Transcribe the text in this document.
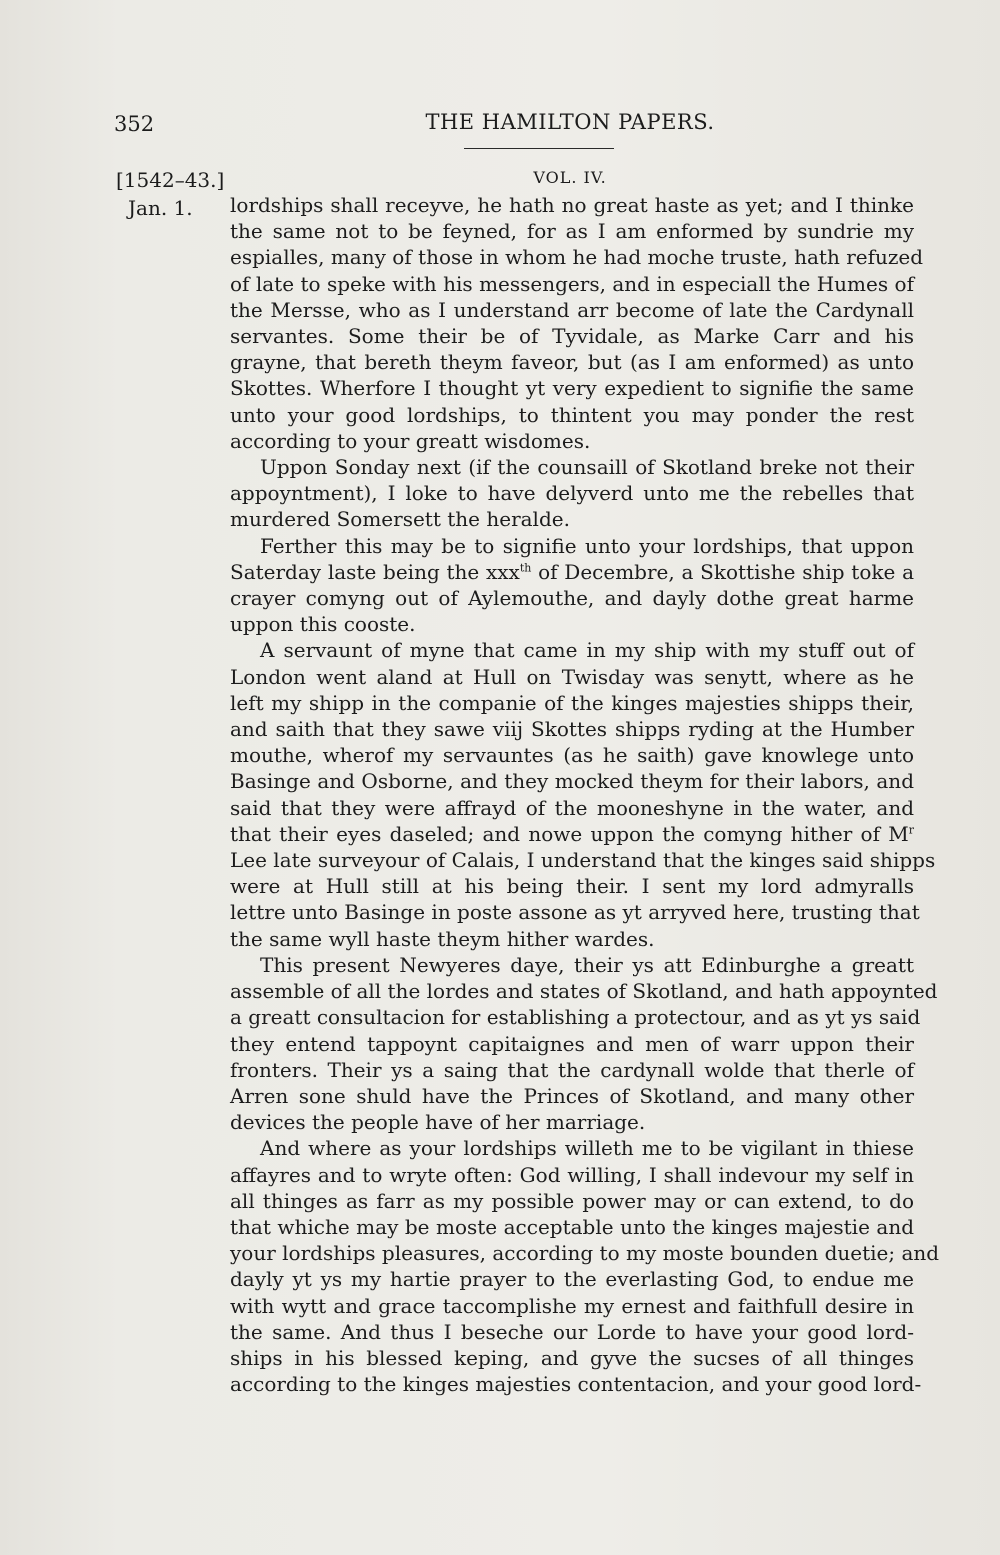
352	THE HAMILTON PAPERS.
[1542–43.]	VOL. IV.
Jan. 1. lordships shall receyve, he hath no great haste as yet; and I thinke
the same not to be feyned, for as I am enformed by sundrie my
espialles, many of those in whom he had moche truste, hath refuzed
of late to speke with his messengers, and in especiall the Humes of
the Mersse, who as I understand arr become of late the Cardynall
servantes. Some their be of Tyvidale, as Marke Carr and his
grayne, that bereth theym faveor, but (as I am enformed) as unto
Skottes. Wherfore I thought yt very expedient to signifie the same
unto your good lordships, to thintent you may ponder the rest
according to your greatt wisdomes.

Uppon Sonday next (if the counsaill of Skotland breke not their
appoyntment), I loke to have delyverd unto me the rebelles that
murdered Somersett the heralde.

Ferther this may be to signifie unto your lordships, that uppon
Saterday laste being the xxx$^{th}$ of Decembre, a Skottishe ship toke a
crayer comyng out of Aylemouthe, and dayly dothe great harme
uppon this cooste.

A servaunt of myne that came in my ship with my stuff out of
London went aland at Hull on Twisday was senytt, where as he
left my shipp in the companie of the kinges majesties shipps their,
and saith that they sawe viij Skottes shipps ryding at the Humber
mouthe, wherof my servauntes (as he saith) gave knowlege unto
Basinge and Osborne, and they mocked theym for their labors, and
said that they were affrayd of the mooneshyne in the water, and
that their eyes daseled; and nowe uppon the comyng hither of $M^r$
Lee late surveyour of Calais, I understand that the kinges said shipps
were at Hull still at his being their. I sent my lord admyralls
lettre unto Basinge in poste assone as yt arryved here, trusting that
the same wyll haste theym hither wardes.

This present Newyeres daye, their ys att Edinburghe a greatt
assemble of all the lordes and states of Skotland, and hath appoynted
a greatt consultacion for establishing a protectour, and as yt ys said
they entend tappoynt capitaignes and men of warr uppon their
fronters. Their ys a saing that the cardynall wolde that therle of
Arren sone shuld have the Princes of Skotland, and many other
devices the people have of her marriage.

And where as your lordships willeth me to be vigilant in thiese
affayres and to wryte often: God willing, I shall indevour my self in
all thinges as farr as my possible power may or can extend, to do
that whiche may be moste acceptable unto the kinges majestie and
your lordships pleasures, according to my moste bounden duetie; and
dayly yt ys my hartie prayer to the everlasting God, to endue me
with wytt and grace taccomplishe my ernest and faithfull desire in
the same. And thus I beseche our Lorde to have your good lord-
ships in his blessed keping, and gyve the sucses of all thinges
according to the kinges majesties contentacion, and your good lord-
